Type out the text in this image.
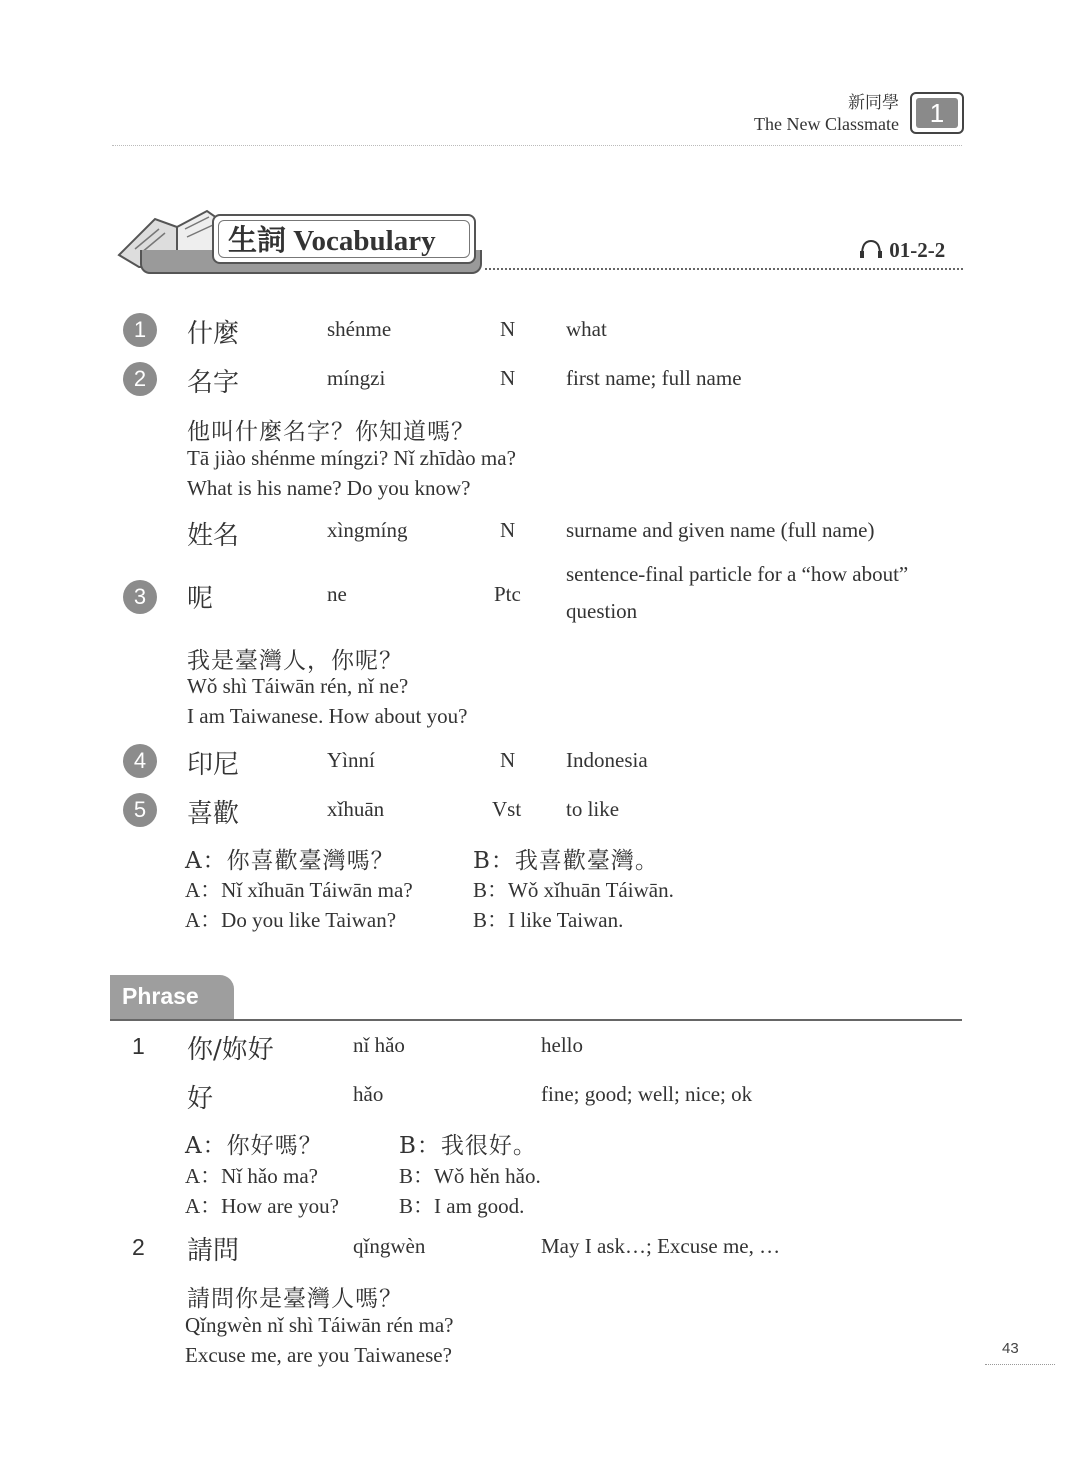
新同學
The New Classmate	1
生詞 Vocabulary	01-2-2
1	什麼	shénme	N what
2	名字	míngzi	N first name; full name
他叫什麼名字？你知道嗎？
Tā jiào shénme míngzi? Nǐ zhīdào ma?
What is his name? Do you know?
姓名	xìngmíng	N surname and given name (full name)
3	呢	ne	Ptc
sentence-final particle for a “how about”
question
我是臺灣人，你呢？
Wǒ shì Táiwān rén, nǐ ne?
I am Taiwanese. How about you?
4	印尼	Yìnní	N Indonesia
5	喜歡	xǐhuān	Vst to like
A：你喜歡臺灣嗎？
A：Nǐ xǐhuān Táiwān ma?
A：Do you like Taiwan?
B：我喜歡臺灣。
B：Wǒ xǐhuān Táiwān.
B：I like Taiwan.
Phrase
1 你/妳好	nǐ hǎo	hello
好	hǎo	fine; good; well; nice; ok
A：你好嗎？
A：Nǐ hǎo ma?
A：How are you?
B：我很好。
B：Wǒ hěn hǎo.
B：I am good.
2 請問	qǐngwèn	May I ask…; Excuse me, …
請問你是臺灣人嗎？
Qǐngwèn nǐ shì Táiwān rén ma?
Excuse me, are you Taiwanese?	43
